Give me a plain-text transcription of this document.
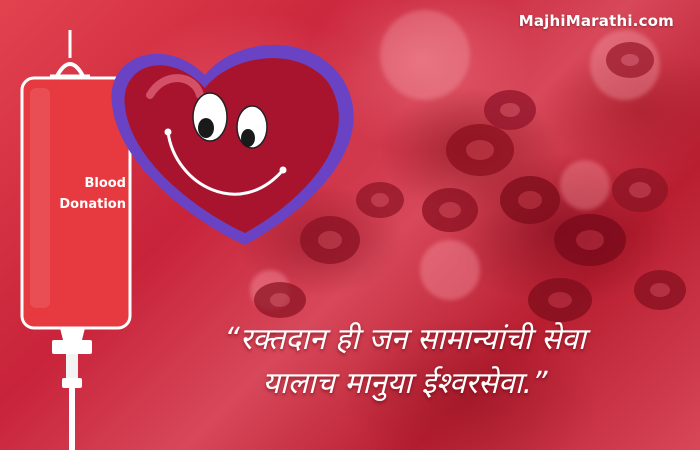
Blood
Donation
MajhiMarathi.com
“रक्तदान ही जन सामान्यांची सेवा
यालाच मानुया ईश्वरसेवा.”
